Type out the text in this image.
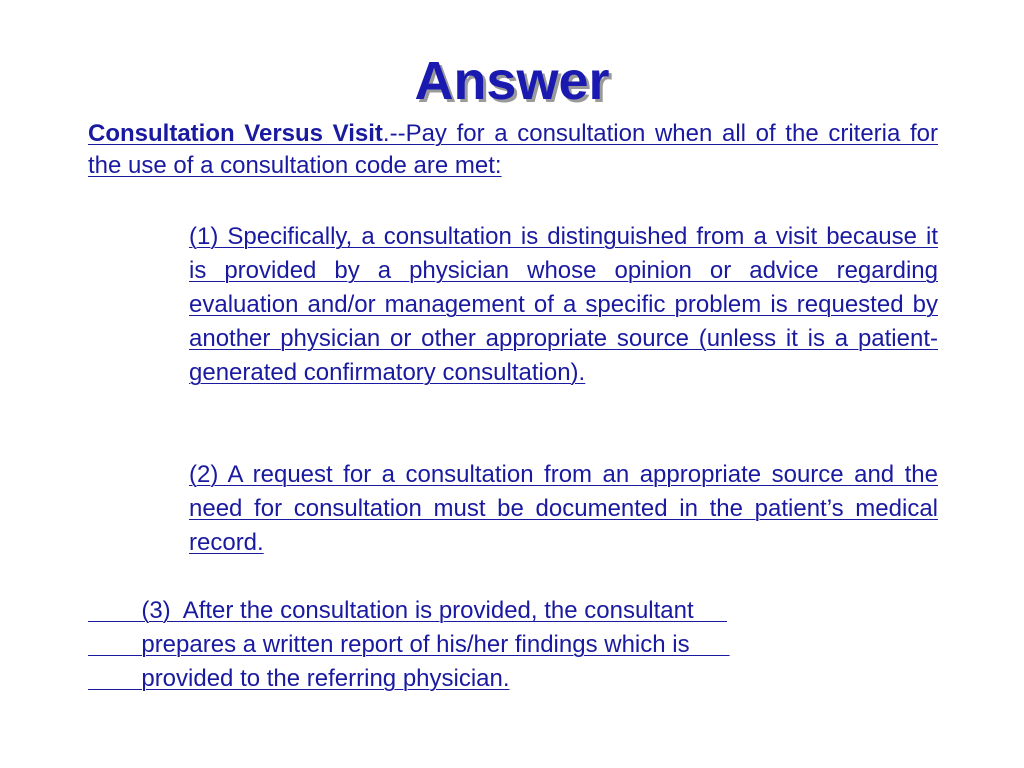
Answer

Consultation Versus Visit.--Pay for a consultation when all of the criteria for the use of a consultation code are met:

(1) Specifically, a consultation is distinguished from a visit because it is provided by a physician whose opinion or advice regarding evaluation and/or management of a specific problem is requested by another physician or other appropriate source (unless it is a patient-generated confirmatory consultation).

(2) A request for a consultation from an appropriate source and the need for consultation must be documented in the patient’s medical record.

(3)  After the consultation is provided, the consultant
prepares a written report of his/her findings which is
provided to the referring physician.
